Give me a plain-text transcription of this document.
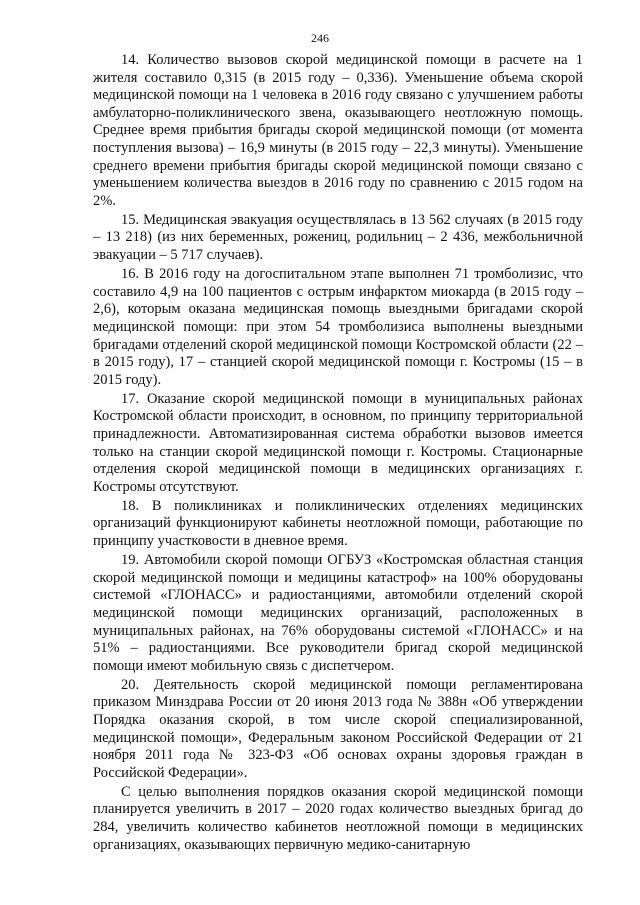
246

14. Количество вызовов скорой медицинской помощи в расчете на 1 жителя составило 0,315 (в 2015 году – 0,336). Уменьшение объема скорой медицинской помощи на 1 человека в 2016 году связано с улучшением работы амбулаторно-поликлинического звена, оказывающего неотложную помощь. Среднее время прибытия бригады скорой медицинской помощи (от момента поступления вызова) – 16,9 минуты (в 2015 году – 22,3 минуты). Уменьшение среднего времени прибытия бригады скорой медицинской помощи связано с уменьшением количества выездов в 2016 году по сравнению с 2015 годом на 2%.

15. Медицинская эвакуация осуществлялась в 13 562 случаях (в 2015 году – 13 218) (из них беременных, рожениц, родильниц – 2 436, межбольничной эвакуации – 5 717 случаев).

16. В 2016 году на догоспитальном этапе выполнен 71 тромболизис, что составило 4,9 на 100 пациентов с острым инфарктом миокарда (в 2015 году – 2,6), которым оказана медицинская помощь выездными бригадами скорой медицинской помощи: при этом 54 тромболизиса выполнены выездными бригадами отделений скорой медицинской помощи Костромской области (22 – в 2015 году), 17 – станцией скорой медицинской помощи г. Костромы (15 – в 2015 году).

17. Оказание скорой медицинской помощи в муниципальных районах Костромской области происходит, в основном, по принципу территориальной принадлежности. Автоматизированная система обработки вызовов имеется только на станции скорой медицинской помощи г. Костромы. Стационарные отделения скорой медицинской помощи в медицинских организациях г. Костромы отсутствуют.

18. В поликлиниках и поликлинических отделениях медицинских организаций функционируют кабинеты неотложной помощи, работающие по принципу участковости в дневное время.

19. Автомобили скорой помощи ОГБУЗ «Костромская областная станция скорой медицинской помощи и медицины катастроф» на 100% оборудованы системой «ГЛОНАСС» и радиостанциями, автомобили отделений скорой медицинской помощи медицинских организаций, расположенных в муниципальных районах, на 76% оборудованы системой «ГЛОНАСС» и на 51% – радиостанциями. Все руководители бригад скорой медицинской помощи имеют мобильную связь с диспетчером.

20. Деятельность скорой медицинской помощи регламентирована приказом Минздрава России от 20 июня 2013 года № 388н «Об утверждении Порядка оказания скорой, в том числе скорой специализированной, медицинской помощи», Федеральным законом Российской Федерации от 21 ноября 2011 года № 323-ФЗ «Об основах охраны здоровья граждан в Российской Федерации».

С целью выполнения порядков оказания скорой медицинской помощи планируется увеличить в 2017 – 2020 годах количество выездных бригад до 284, увеличить количество кабинетов неотложной помощи в медицинских организациях, оказывающих первичную медико-санитарную
